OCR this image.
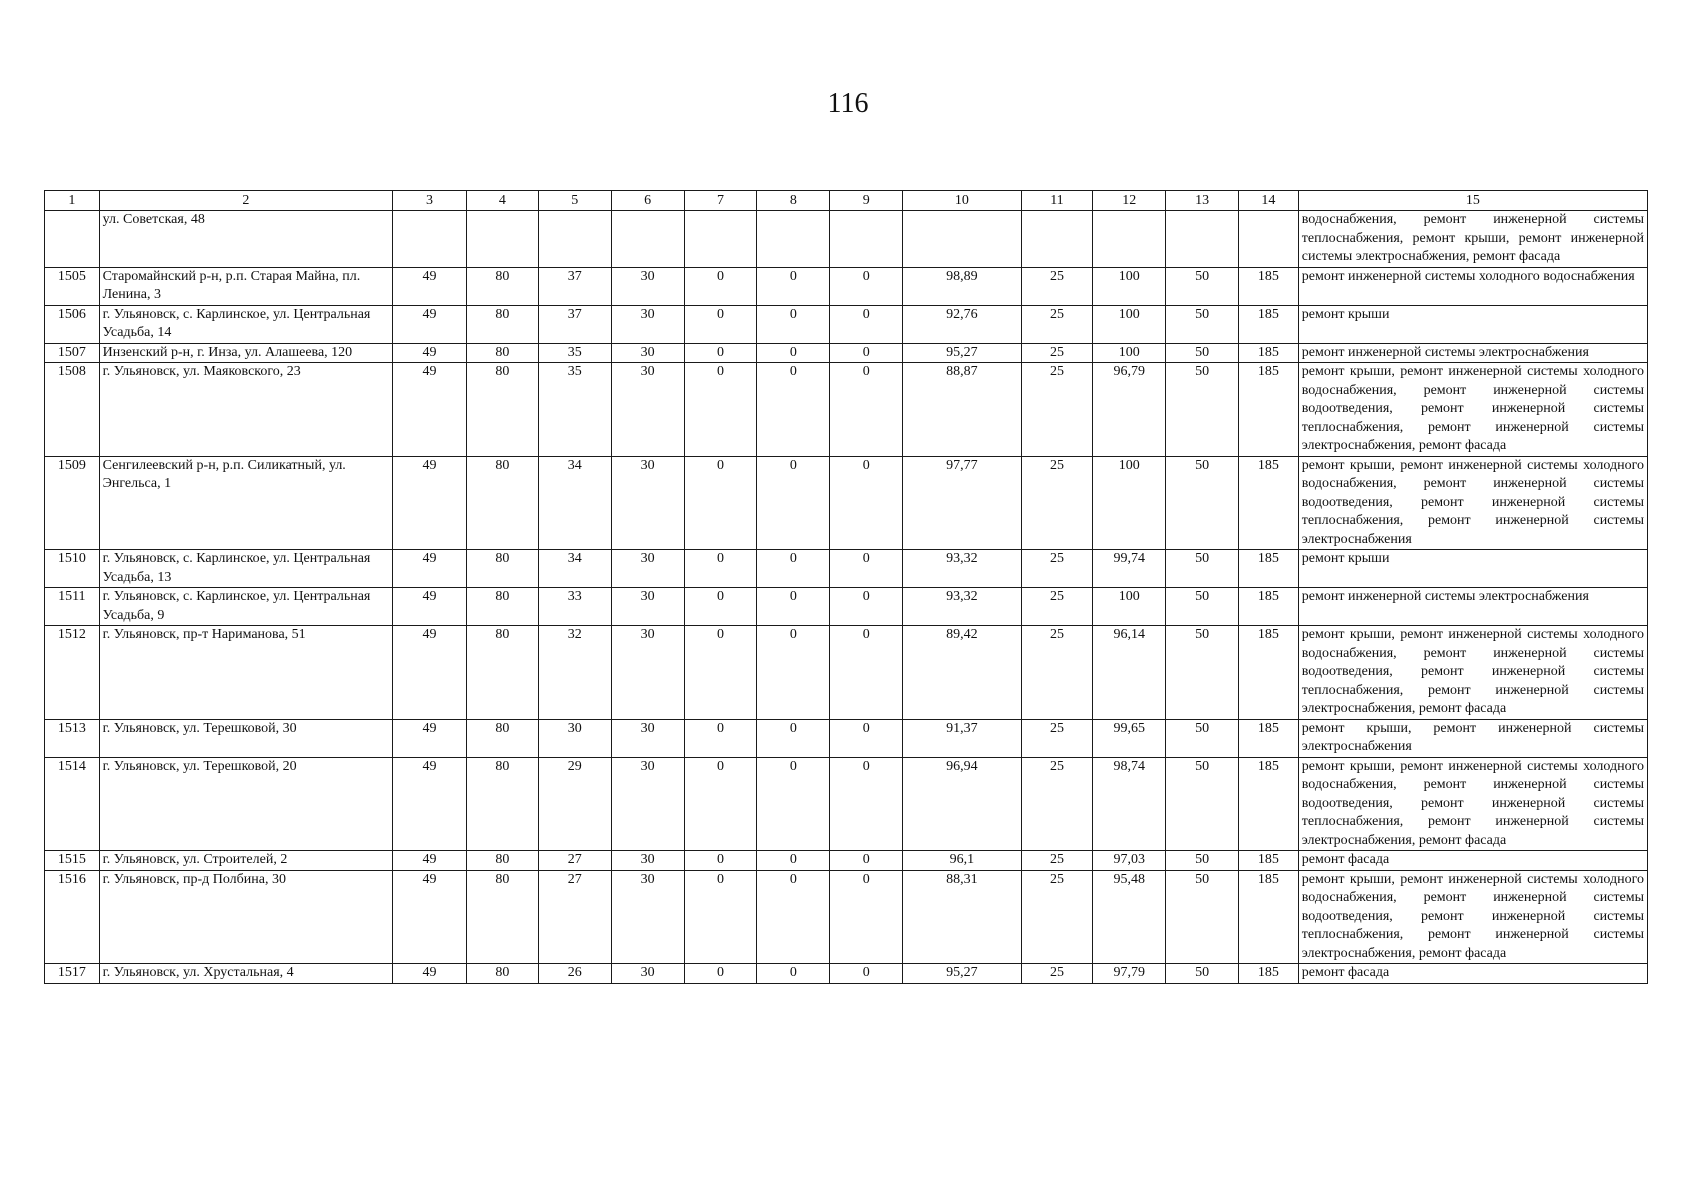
116
1	2	3	4	5	6	7	8	9	10	11	12	13	14	15
	ул. Советская, 48													водоснабжения, ремонт инженерной системы теплоснабжения, ремонт крыши, ремонт инженерной системы электроснабжения, ремонт фасада
1505	Старомайнский р-н, р.п. Старая Майна, пл. Ленина, 3	49	80	37	30	0	0	0	98,89	25	100	50	185	ремонт инженерной системы холодного водоснабжения
1506	г. Ульяновск, с. Карлинское, ул. Центральная Усадьба, 14	49	80	37	30	0	0	0	92,76	25	100	50	185	ремонт крыши
1507	Инзенский р-н, г. Инза, ул. Алашеева, 120	49	80	35	30	0	0	0	95,27	25	100	50	185	ремонт инженерной системы электроснабжения
1508	г. Ульяновск, ул. Маяковского, 23	49	80	35	30	0	0	0	88,87	25	96,79	50	185	ремонт крыши, ремонт инженерной системы холодного водоснабжения, ремонт инженерной системы водоотведения, ремонт инженерной системы теплоснабжения, ремонт инженерной системы электроснабжения, ремонт фасада
1509	Сенгилеевский р-н, р.п. Силикатный, ул. Энгельса, 1	49	80	34	30	0	0	0	97,77	25	100	50	185	ремонт крыши, ремонт инженерной системы холодного водоснабжения, ремонт инженерной системы водоотведения, ремонт инженерной системы теплоснабжения, ремонт инженерной системы электроснабжения
1510	г. Ульяновск, с. Карлинское, ул. Центральная Усадьба, 13	49	80	34	30	0	0	0	93,32	25	99,74	50	185	ремонт крыши
1511	г. Ульяновск, с. Карлинское, ул. Центральная Усадьба, 9	49	80	33	30	0	0	0	93,32	25	100	50	185	ремонт инженерной системы электроснабжения
1512	г. Ульяновск, пр-т Нариманова, 51	49	80	32	30	0	0	0	89,42	25	96,14	50	185	ремонт крыши, ремонт инженерной системы холодного водоснабжения, ремонт инженерной системы водоотведения, ремонт инженерной системы теплоснабжения, ремонт инженерной системы электроснабжения, ремонт фасада
1513	г. Ульяновск, ул. Терешковой, 30	49	80	30	30	0	0	0	91,37	25	99,65	50	185	ремонт крыши, ремонт инженерной системы электроснабжения
1514	г. Ульяновск, ул. Терешковой, 20	49	80	29	30	0	0	0	96,94	25	98,74	50	185	ремонт крыши, ремонт инженерной системы холодного водоснабжения, ремонт инженерной системы водоотведения, ремонт инженерной системы теплоснабжения, ремонт инженерной системы электроснабжения, ремонт фасада
1515	г. Ульяновск, ул. Строителей, 2	49	80	27	30	0	0	0	96,1	25	97,03	50	185	ремонт фасада
1516	г. Ульяновск, пр-д Полбина, 30	49	80	27	30	0	0	0	88,31	25	95,48	50	185	ремонт крыши, ремонт инженерной системы холодного водоснабжения, ремонт инженерной системы водоотведения, ремонт инженерной системы теплоснабжения, ремонт инженерной системы электроснабжения, ремонт фасада
1517	г. Ульяновск, ул. Хрустальная, 4	49	80	26	30	0	0	0	95,27	25	97,79	50	185	ремонт фасада
